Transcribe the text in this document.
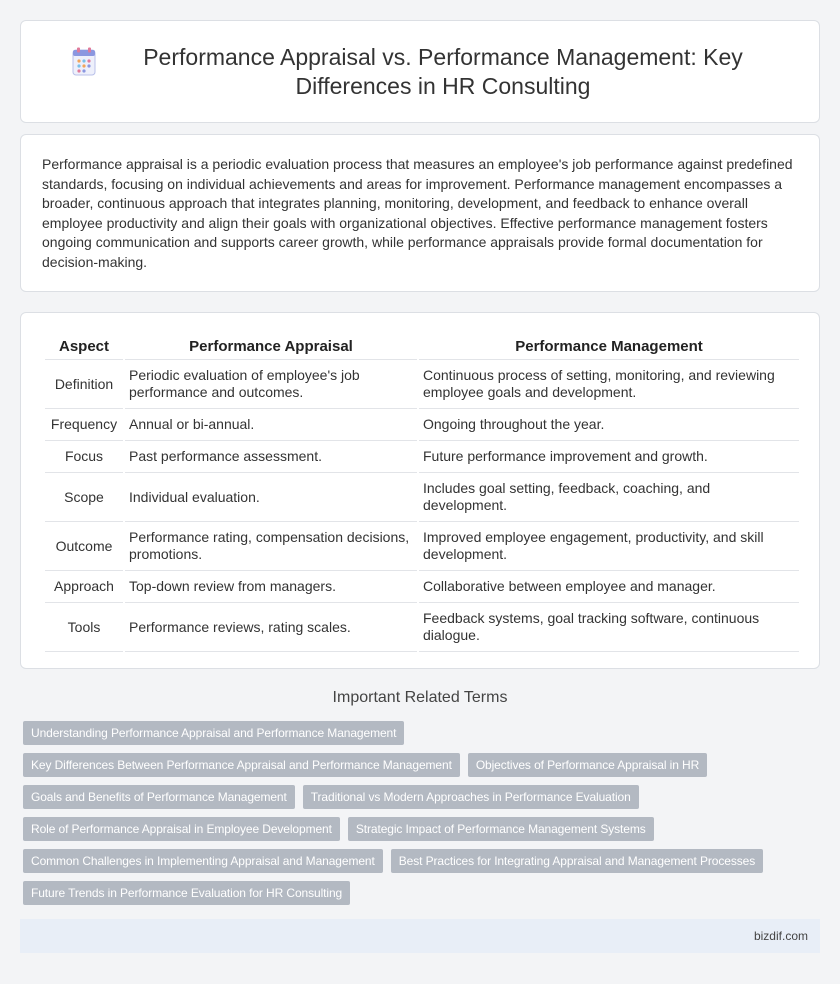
Performance Appraisal vs. Performance Management: Key Differences in HR Consulting

Performance appraisal is a periodic evaluation process that measures an employee's job performance against predefined standards, focusing on individual achievements and areas for improvement. Performance management encompasses a broader, continuous approach that integrates planning, monitoring, development, and feedback to enhance overall employee productivity and align their goals with organizational objectives. Effective performance management fosters ongoing communication and supports career growth, while performance appraisals provide formal documentation for decision-making.

Aspect	Performance Appraisal	Performance Management
Definition	Periodic evaluation of employee's job performance and outcomes.	Continuous process of setting, monitoring, and reviewing employee goals and development.
Frequency	Annual or bi-annual.	Ongoing throughout the year.
Focus	Past performance assessment.	Future performance improvement and growth.
Scope	Individual evaluation.	Includes goal setting, feedback, coaching, and development.
Outcome	Performance rating, compensation decisions, promotions.	Improved employee engagement, productivity, and skill development.
Approach	Top-down review from managers.	Collaborative between employee and manager.
Tools	Performance reviews, rating scales.	Feedback systems, goal tracking software, continuous dialogue.
Important Related Terms
Understanding Performance Appraisal and Performance Management
Key Differences Between Performance Appraisal and Performance Management	Objectives of Performance Appraisal in HR
Goals and Benefits of Performance Management	Traditional vs Modern Approaches in Performance Evaluation
Role of Performance Appraisal in Employee Development	Strategic Impact of Performance Management Systems
Common Challenges in Implementing Appraisal and Management	Best Practices for Integrating Appraisal and Management Processes
Future Trends in Performance Evaluation for HR Consulting
bizdif.com
